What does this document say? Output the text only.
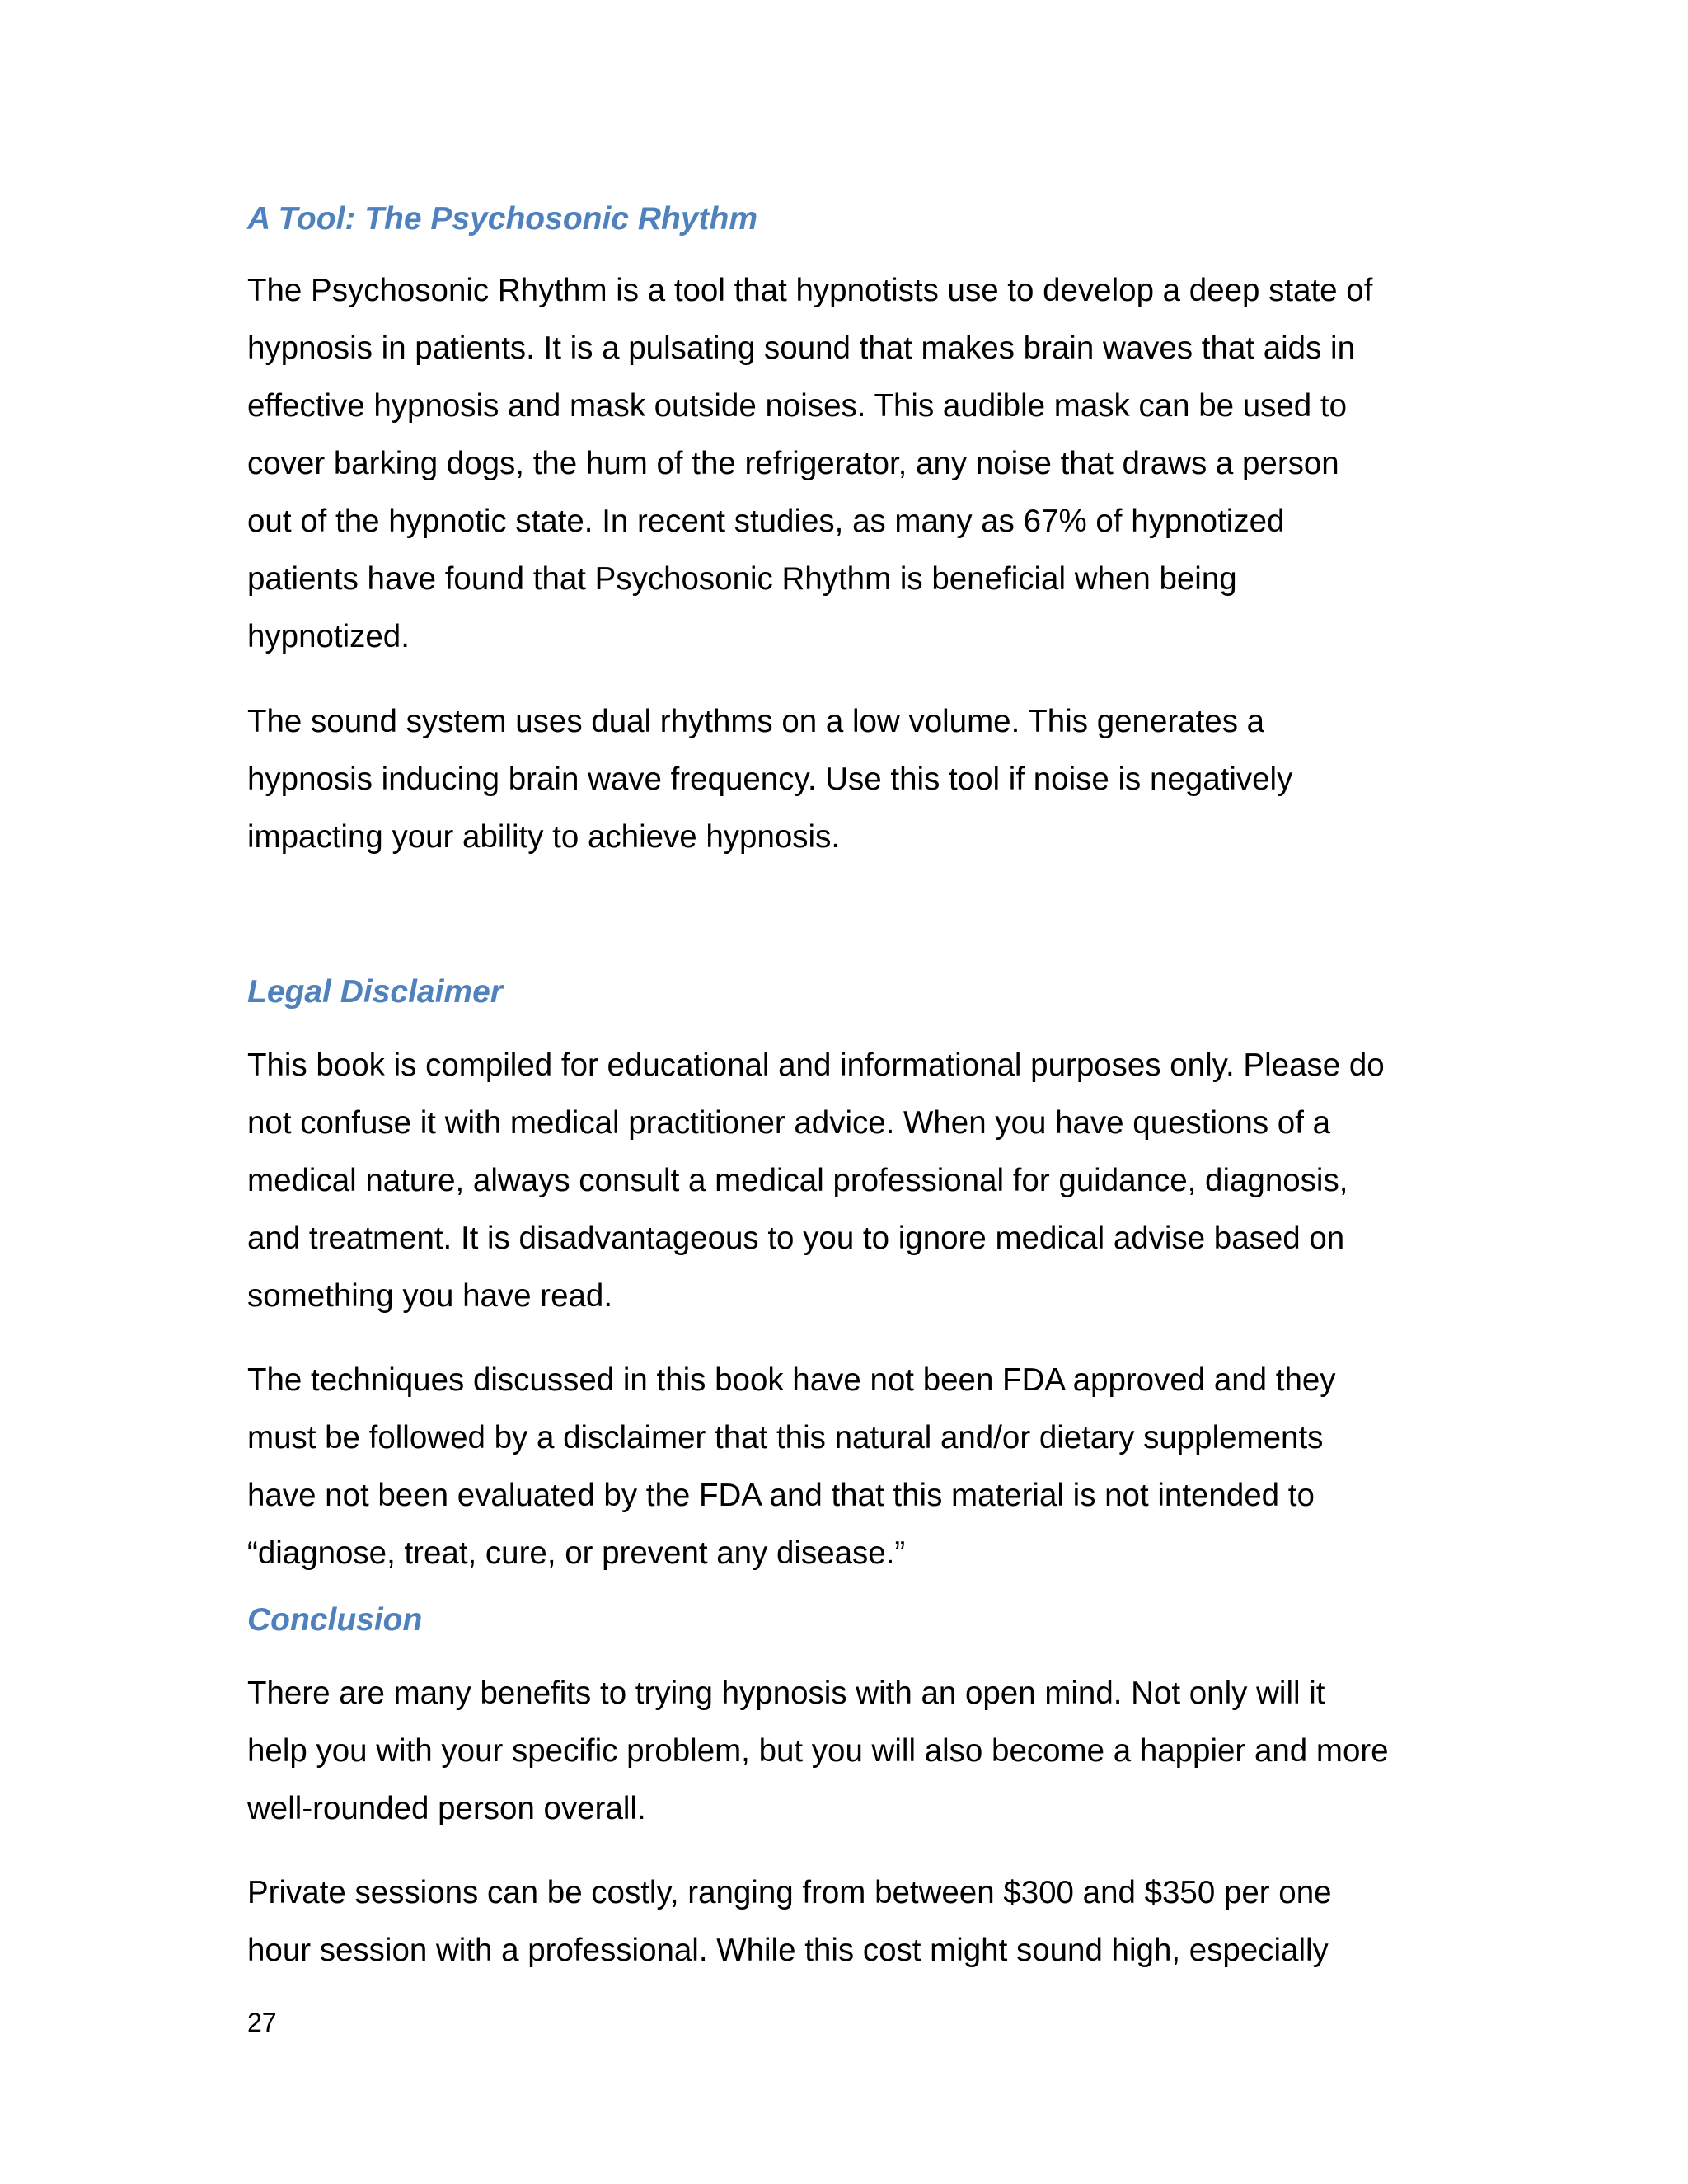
A Tool: The Psychosonic Rhythm
The Psychosonic Rhythm is a tool that hypnotists use to develop a deep state of
hypnosis in patients. It is a pulsating sound that makes brain waves that aids in
effective hypnosis and mask outside noises. This audible mask can be used to
cover barking dogs, the hum of the refrigerator, any noise that draws a person
out of the hypnotic state. In recent studies, as many as 67% of hypnotized
patients have found that Psychosonic Rhythm is beneficial when being
hypnotized.
The sound system uses dual rhythms on a low volume. This generates a
hypnosis inducing brain wave frequency. Use this tool if noise is negatively
impacting your ability to achieve hypnosis.
Legal Disclaimer
This book is compiled for educational and informational purposes only. Please do
not confuse it with medical practitioner advice. When you have questions of a
medical nature, always consult a medical professional for guidance, diagnosis,
and treatment. It is disadvantageous to you to ignore medical advise based on
something you have read.
The techniques discussed in this book have not been FDA approved and they
must be followed by a disclaimer that this natural and/or dietary supplements
have not been evaluated by the FDA and that this material is not intended to
“diagnose, treat, cure, or prevent any disease.”
Conclusion
There are many benefits to trying hypnosis with an open mind. Not only will it
help you with your specific problem, but you will also become a happier and more
well-rounded person overall.
Private sessions can be costly, ranging from between $300 and $350 per one
hour session with a professional. While this cost might sound high, especially

27
